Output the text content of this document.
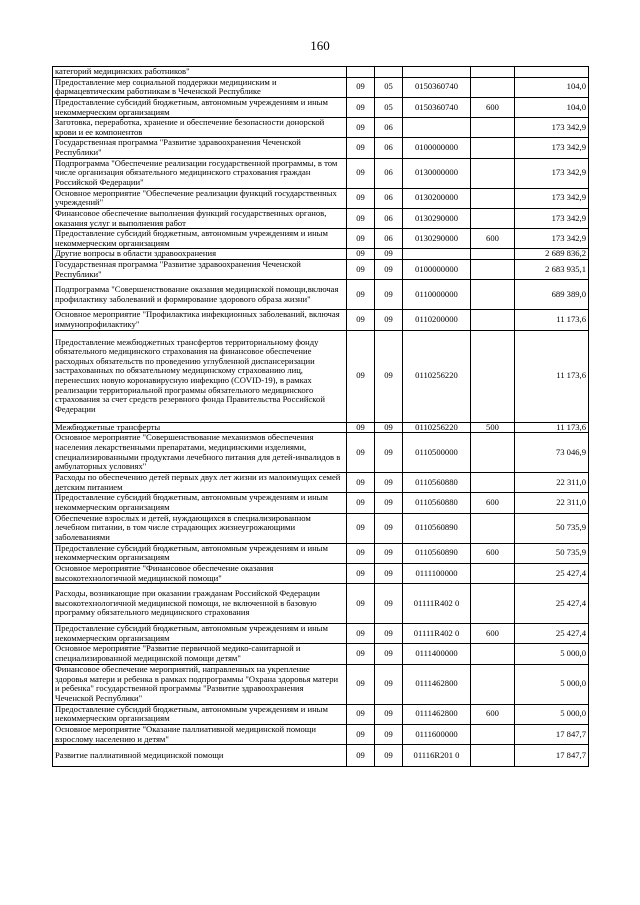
160
категорий медицинских работников"					
Предоставление мер социальной поддержки медицинским и фармацевтическим работникам в Чеченской Республике	09	05	0150360740		104,0
Предоставление субсидий бюджетным, автономным учреждениям и иным некоммерческим организациям	09	05	0150360740	600	104,0
Заготовка, переработка, хранение и обеспечение безопасности донорской крови и ее компонентов	09	06			173 342,9
Государственная программа "Развитие здравоохранения Чеченской Республики"	09	06	0100000000		173 342,9
Подпрограмма "Обеспечение реализации государственной программы, в том числе организация обязательного медицинского страхования граждан Российской Федерации"	09	06	0130000000		173 342,9
Основное мероприятие "Обеспечение реализации функций государственных учреждений"	09	06	0130200000		173 342,9
Финансовое обеспечение выполнения функций государственных органов, оказания услуг и выполнения работ	09	06	0130290000		173 342,9
Предоставление субсидий бюджетным, автономным учреждениям и иным некоммерческим организациям	09	06	0130290000	600	173 342,9
Другие вопросы в области здравоохранения	09	09			2 689 836,2
Государственная программа "Развитие здравоохранения Чеченской Республики"	09	09	0100000000		2 683 935,1
Подпрограмма "Совершенствование оказания медицинской помощи,включая профилактику заболеваний и формирование здорового образа жизни"	09	09	0110000000		689 389,0
Основное мероприятие "Профилактика инфекционных заболеваний, включая иммунопрофилактику"	09	09	0110200000		11 173,6
Предоставление межбюджетных трансфертов территориальному фонду обязательного медицинского страхования на финансовое обеспечение расходных обязательств по проведению углубленной диспансеризации застрахованных по обязательному медицинскому страхованию лиц, перенесших новую коронавирусную инфекцию (COVID-19), в рамках реализации территориальной программы обязательного медицинского страхования за счет средств резервного фонда Правительства Российской Федерации	09	09	0110256220		11 173,6
Межбюджетные трансферты	09	09	0110256220	500	11 173,6
Основное мероприятие "Совершенствование механизмов обеспечения населения лекарственными препаратами, медицинскими изделиями, специализированными продуктами лечебного питания для детей-инвалидов в амбулаторных условиях"	09	09	0110500000		73 046,9
Расходы по обеспечению детей первых двух лет жизни из малоимущих семей детским питанием	09	09	0110560880		22 311,0
Предоставление субсидий бюджетным, автономным учреждениям и иным некоммерческим организациям	09	09	0110560880	600	22 311,0
Обеспечение взрослых и детей, нуждающихся в специализированном лечебном питании, в том числе страдающих жизнеугрожающими заболеваниями	09	09	0110560890		50 735,9
Предоставление субсидий бюджетным, автономным учреждениям и иным некоммерческим организациям	09	09	0110560890	600	50 735,9
Основное мероприятие "Финансовое обеспечение оказания высокотехнологичной медицинской помощи"	09	09	0111100000		25 427,4
Расходы, возникающие при оказании гражданам Российской Федерации высокотехнологичной медицинской помощи, не включенной в базовую программу обязательного медицинского страхования	09	09	01111R402 0		25 427,4
Предоставление субсидий бюджетным, автономным учреждениям и иным некоммерческим организациям	09	09	01111R402 0	600	25 427,4
Основное мероприятие "Развитие первичной медико-санитарной и специализированной медицинской помощи детям"	09	09	0111400000		5 000,0
Финансовое обеспечение мероприятий, направленных на укрепление здоровья матери и ребенка в рамках подпрограммы "Охрана здоровья матери и ребенка" государственной программы "Развитие здравоохранения Чеченской Республики"	09	09	0111462800		5 000,0
Предоставление субсидий бюджетным, автономным учреждениям и иным некоммерческим организациям	09	09	0111462800	600	5 000,0
Основное мероприятие "Оказание паллиативной медицинской помощи взрослому населению и детям"	09	09	0111600000		17 847,7
Развитие паллиативной медицинской помощи	09	09	01116R201 0		17 847,7
